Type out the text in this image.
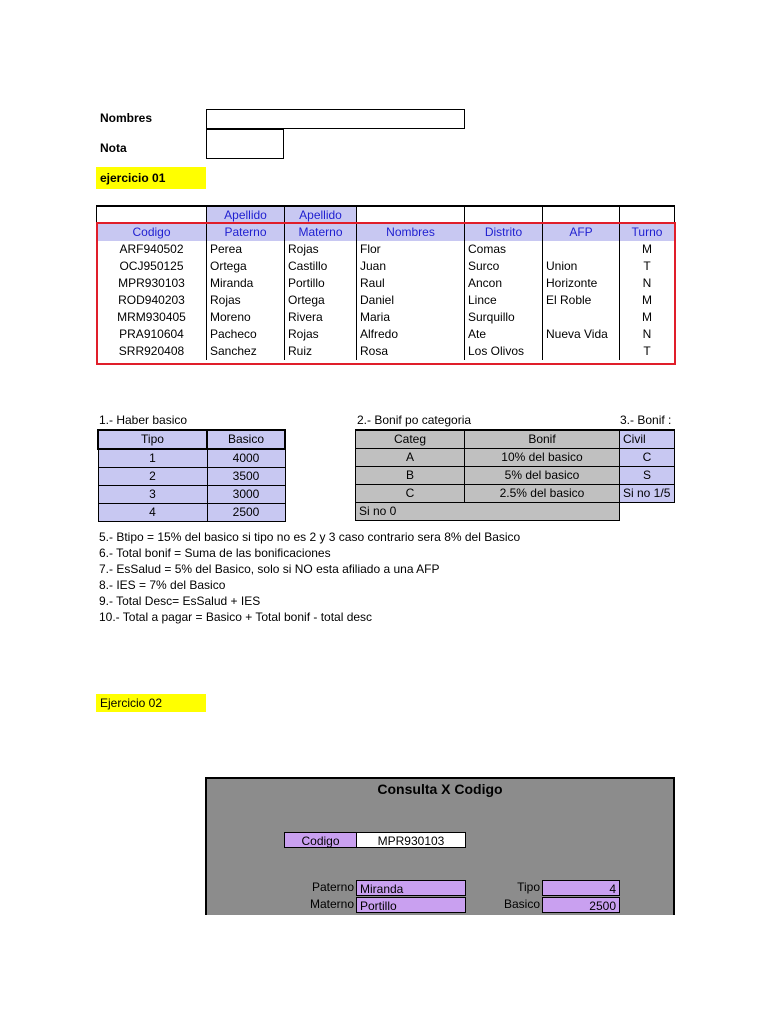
Nombres
Nota
ejercicio 01
	Apellido	Apellido				
Codigo	Paterno	Materno	Nombres	Distrito	AFP	Turno
ARF940502	Perea	Rojas	Flor	Comas		M
OCJ950125	Ortega	Castillo	Juan	Surco	Union	T
MPR930103	Miranda	Portillo	Raul	Ancon	Horizonte	N
ROD940203	Rojas	Ortega	Daniel	Lince	El Roble	M
MRM930405	Moreno	Rivera	Maria	Surquillo		M
PRA910604	Pacheco	Rojas	Alfredo	Ate	Nueva Vida	N
SRR920408	Sanchez	Ruiz	Rosa	Los Olivos		T
1.- Haber basico	2.- Bonif po categoria	3.- Bonif :
Tipo	Basico
1	4000
2	3500
3	3000
4	2500
Categ	Bonif
A	10% del basico
B	5% del basico
C	2.5% del basico
Si no 0	
Civil
C
S
Si no 1/5
5.- Btipo = 15% del basico si tipo no es 2 y 3 caso contrario sera 8% del Basico
6.- Total bonif = Suma de las bonificaciones
7.- EsSalud = 5% del Basico, solo si NO esta afiliado a una AFP
8.- IES = 7% del Basico
9.- Total Desc= EsSalud + IES
10.- Total a pagar = Basico + Total bonif - total desc
Ejercicio 02
Consulta X Codigo
Codigo	MPR930103
Paterno Miranda
Materno Portillo
Tipo	4
Basico	2500
